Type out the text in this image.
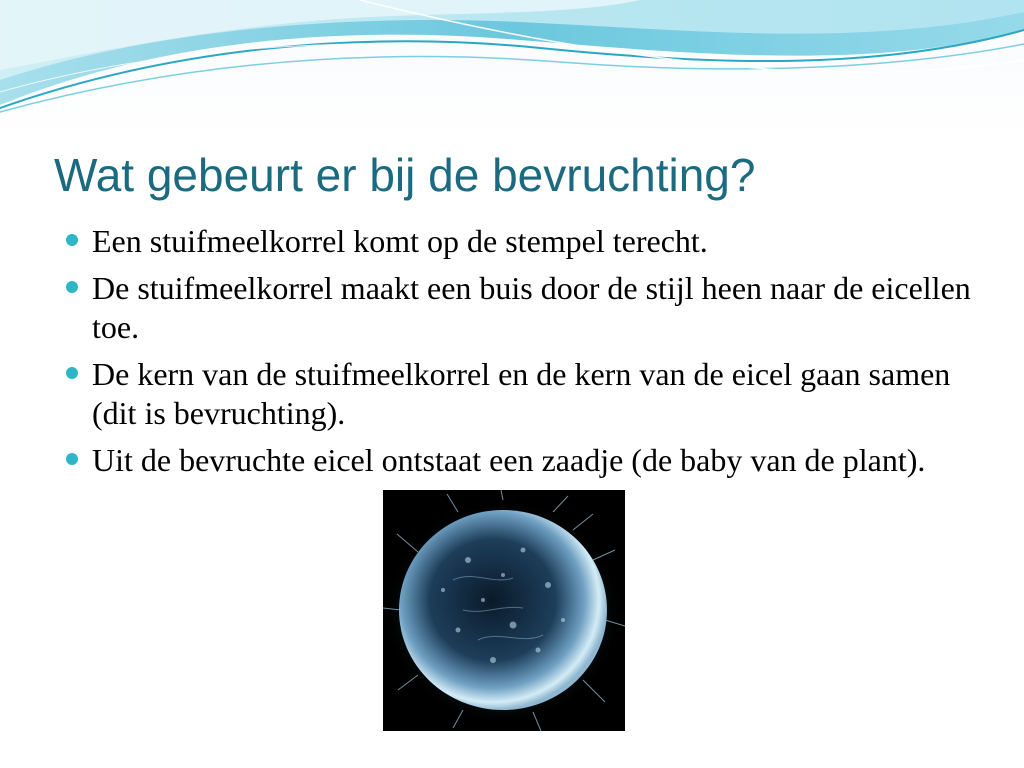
Wat gebeurt er bij de bevruchting?
Een stuifmeelkorrel komt op de stempel terecht.
De stuifmeelkorrel maakt een buis door de stijl heen naar de eicellen toe.
De kern van de stuifmeelkorrel en de kern van de eicel gaan samen (dit is bevruchting).
Uit de bevruchte eicel ontstaat een zaadje (de baby van de plant).
